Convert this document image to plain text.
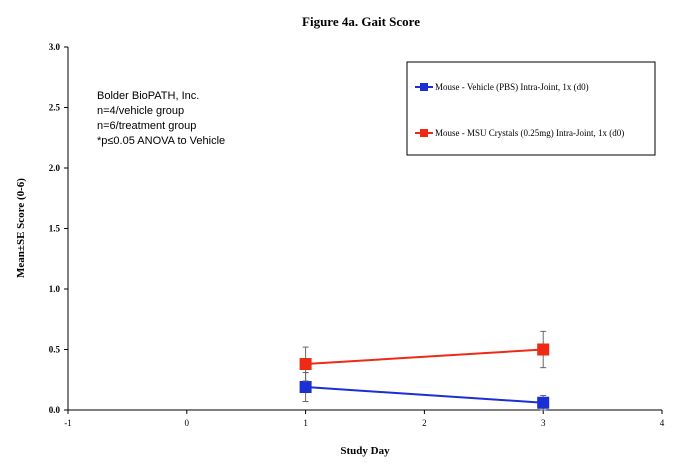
Figure 4a. Gait Score
Mean±SE Score (0-6)
Study Day
0.0
0.5
1.0
1.5
2.0
2.5
3.0
-1	0	1	2	3	4
Bolder BioPATH, Inc.
n=4/vehicle group
n=6/treatment group
*p≤0.05 ANOVA to Vehicle
Mouse - Vehicle (PBS) Intra-Joint, 1x (d0)
Mouse - MSU Crystals (0.25mg) Intra-Joint, 1x (d0)
